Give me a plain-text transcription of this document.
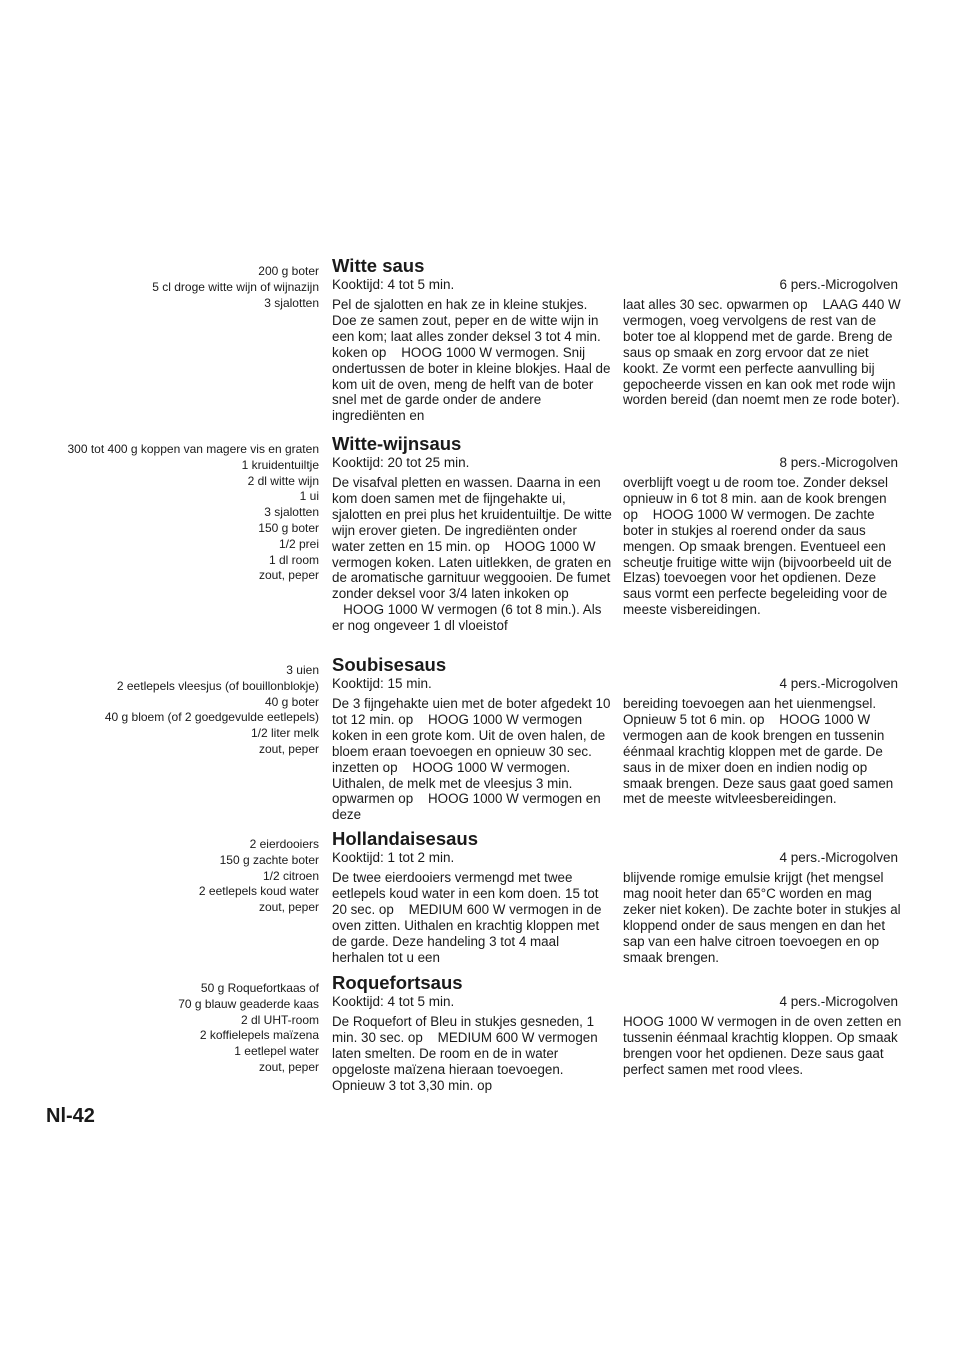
200 g boter
5 cl droge witte wijn of wijnazijn
3 sjalotten
Witte saus
Kooktijd: 4 tot 5 min.	6 pers.-Microgolven

Pel de sjalotten en hak ze in kleine stukjes. Doe ze samen zout, peper en de witte wijn in een kom; laat alles zonder deksel 3 tot 4 min. koken op    HOOG 1000 W vermogen. Snij ondertussen de boter in kleine blokjes. Haal de kom uit de oven, meng de helft van de boter snel met de garde onder de andere ingrediënten en

laat alles 30 sec. opwarmen op    LAAG 440 W vermogen, voeg vervolgens de rest van de boter toe al kloppend met de garde. Breng de saus op smaak en zorg ervoor dat ze niet kookt. Ze vormt een perfecte aanvulling bij gepocheerde vissen en kan ook met rode wijn worden bereid (dan noemt men ze rode boter).

300 tot 400 g koppen van magere vis en graten
1 kruidentuiltje
2 dl witte wijn
1 ui
3 sjalotten
150 g boter
1/2 prei
1 dl room
zout, peper
Witte-wijnsaus
Kooktijd: 20 tot 25 min.	8 pers.-Microgolven

De visafval pletten en wassen. Daarna in een kom doen samen met de fijngehakte ui, sjalotten en prei plus het kruidentuiltje. De witte wijn erover gieten. De ingrediënten onder water zetten en 15 min. op    HOOG 1000 W vermogen koken. Laten uitlekken, de graten en de aromatische garnituur weggooien. De fumet zonder deksel voor 3/4 laten inkoken op    HOOG 1000 W vermogen (6 tot 8 min.). Als er nog ongeveer 1 dl vloeistof

overblijft voegt u de room toe. Zonder deksel opnieuw in 6 tot 8 min. aan de kook brengen op    HOOG 1000 W vermogen. De zachte boter in stukjes al roerend onder da saus mengen. Op smaak brengen. Eventueel een scheutje fruitige witte wijn (bijvoorbeeld uit de Elzas) toevoegen voor het opdienen. Deze saus vormt een perfecte begeleiding voor de meeste visbereidingen.

3 uien
2 eetlepels vleesjus (of bouillonblokje)
40 g boter
40 g bloem (of 2 goedgevulde eetlepels)
1/2 liter melk
zout, peper
Soubisesaus
Kooktijd: 15 min.	4 pers.-Microgolven

De 3 fijngehakte uien met de boter afgedekt 10 tot 12 min. op    HOOG 1000 W vermogen koken in een grote kom. Uit de oven halen, de bloem eraan toevoegen en opnieuw 30 sec. inzetten op    HOOG 1000 W vermogen. Uithalen, de melk met de vleesjus 3 min. opwarmen op    HOOG 1000 W vermogen en deze

bereiding toevoegen aan het uienmengsel. Opnieuw 5 tot 6 min. op    HOOG 1000 W vermogen aan de kook brengen en tussenin éénmaal krachtig kloppen met de garde. De saus in de mixer doen en indien nodig op smaak brengen. Deze saus gaat goed samen met de meeste witvleesbereidingen.

2 eierdooiers
150 g zachte boter
1/2 citroen
2 eetlepels koud water
zout, peper
Hollandaisesaus
Kooktijd: 1 tot 2 min.	4 pers.-Microgolven

De twee eierdooiers vermengd met twee eetlepels koud water in een kom doen. 15 tot 20 sec. op    MEDIUM 600 W vermogen in de oven zitten. Uithalen en krachtig kloppen met de garde. Deze handeling 3 tot 4 maal herhalen tot u een

blijvende romige emulsie krijgt (het mengsel mag nooit heter dan 65°C worden en mag zeker niet koken). De zachte boter in stukjes al kloppend onder de saus mengen en dan het sap van een halve citroen toevoegen en op smaak brengen.

50 g Roquefortkaas of
70 g blauw geaderde kaas
2 dl UHT-room
2 koffielepels maïzena
1 eetlepel water
zout, peper
Roquefortsaus
Kooktijd: 4 tot 5 min.	4 pers.-Microgolven

De Roquefort of Bleu in stukjes gesneden, 1 min. 30 sec. op    MEDIUM 600 W vermogen laten smelten. De room en de in water opgeloste maïzena hieraan toevoegen. Opnieuw 3 tot 3,30 min. op

HOOG 1000 W vermogen in de oven zetten en tussenin éénmaal krachtig kloppen. Op smaak brengen voor het opdienen. Deze saus gaat perfect samen met rood vlees.

Nl-42
